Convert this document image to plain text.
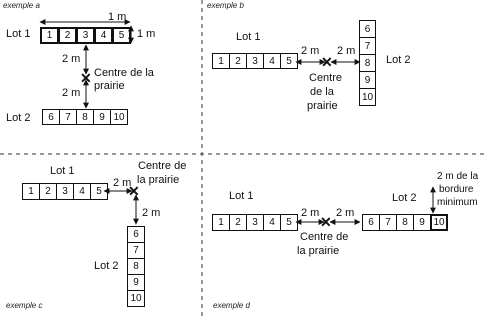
exemple a
1 m
1 m
Lot 1	1	2	3	4	5
2 m
✕ Centre de la
prairie
2 m
Lot 2	6	7	8	9 10
exemple b
Lot 1
1	2	3	4	5
2 m 2 m
✕
Centre
de la
prairie
6
7
8
9
10
Lot 2
Lot 1
1	2	3	4	5
2 m
✕
Centre de
la prairie
2 m
6
7
8
9
10
Lot 2
exemple c
Lot 1
1	2	3	4	5
2 m 2 m
✕
Centre de
la prairie
6	7	8	9 10
Lot 2
2 m de la
bordure
minimum
exemple d
